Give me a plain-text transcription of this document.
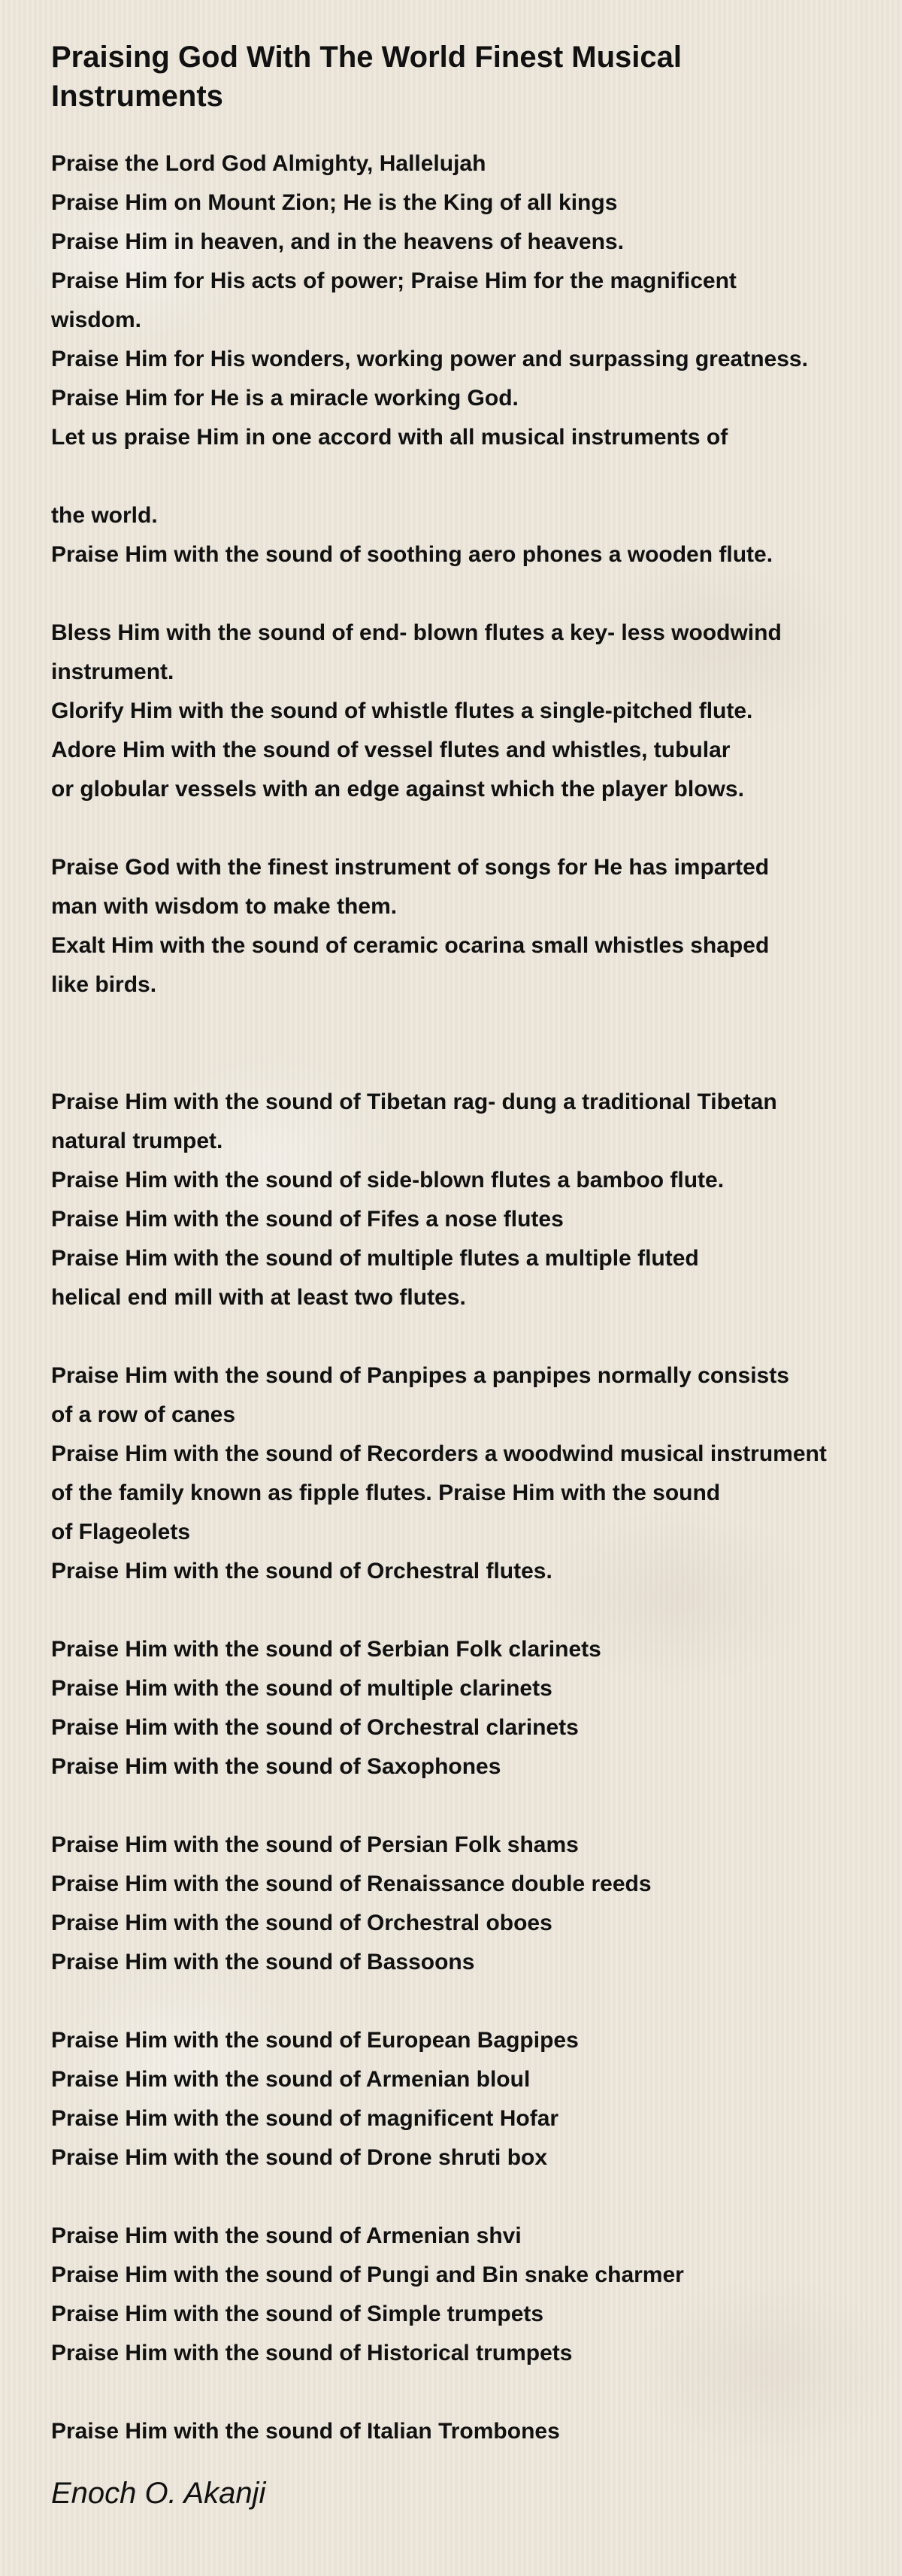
Praising God With The World Finest Musical Instruments
Praise the Lord God Almighty, Hallelujah
Praise Him on Mount Zion; He is the King of all kings
Praise Him in heaven, and in the heavens of heavens.
Praise Him for His acts of power; Praise Him for the magnificent
wisdom.
Praise Him for His wonders, working power and surpassing greatness.
Praise Him for He is a miracle working God.
Let us praise Him in one accord with all musical instruments of
the world.
Praise Him with the sound of soothing aero phones a wooden flute.
Bless Him with the sound of end- blown flutes a key- less woodwind
instrument.
Glorify Him with the sound of whistle flutes a single-pitched flute.
Adore Him with the sound of vessel flutes and whistles, tubular
or globular vessels with an edge against which the player blows.
Praise God with the finest instrument of songs for He has imparted
man with wisdom to make them.
Exalt Him with the sound of ceramic ocarina small whistles shaped
like birds.
Praise Him with the sound of Tibetan rag- dung a traditional Tibetan
natural trumpet.
Praise Him with the sound of side-blown flutes a bamboo flute.
Praise Him with the sound of Fifes a nose flutes
Praise Him with the sound of multiple flutes a multiple fluted
helical end mill with at least two flutes.
Praise Him with the sound of Panpipes a panpipes normally consists
of a row of canes
Praise Him with the sound of Recorders a woodwind musical instrument
of the family known as fipple flutes. Praise Him with the sound
of Flageolets
Praise Him with the sound of Orchestral flutes.
Praise Him with the sound of Serbian Folk clarinets
Praise Him with the sound of multiple clarinets
Praise Him with the sound of Orchestral clarinets
Praise Him with the sound of Saxophones
Praise Him with the sound of Persian Folk shams
Praise Him with the sound of Renaissance double reeds
Praise Him with the sound of Orchestral oboes
Praise Him with the sound of Bassoons
Praise Him with the sound of European Bagpipes
Praise Him with the sound of Armenian bloul
Praise Him with the sound of magnificent Hofar
Praise Him with the sound of Drone shruti box
Praise Him with the sound of Armenian shvi
Praise Him with the sound of Pungi and Bin snake charmer
Praise Him with the sound of Simple trumpets
Praise Him with the sound of Historical trumpets
Praise Him with the sound of Italian Trombones
Enoch O. Akanji
